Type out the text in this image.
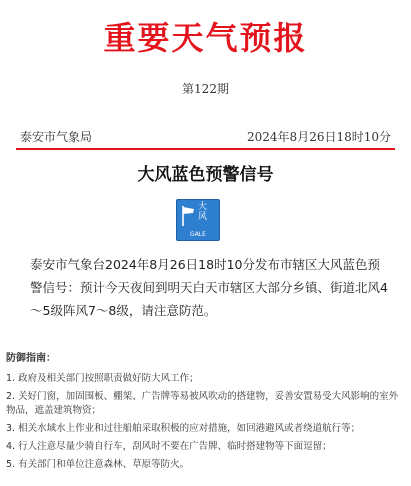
重要天气预报
第122期
泰安市气象局	2024年8月26日18时10分
大风蓝色预警信号
大
风
GALE
泰安市气象台2024年8月26日18时10分发布市辖区大风蓝色预警信号：预计今天夜间到明天白天市辖区大部分乡镇、街道北风4～5级阵风7～8级，请注意防范。
防御指南：
1. 政府及相关部门按照职责做好防大风工作；
2. 关好门窗，加固围板、棚架、广告牌等易被风吹动的搭建物，妥善安置易受大风影响的室外物品，遮盖建筑物资；
3. 相关水域水上作业和过往船舶采取积极的应对措施，如回港避风或者绕道航行等；
4. 行人注意尽量少骑自行车，刮风时不要在广告牌、临时搭建物等下面逗留；
5. 有关部门和单位注意森林、草原等防火。
